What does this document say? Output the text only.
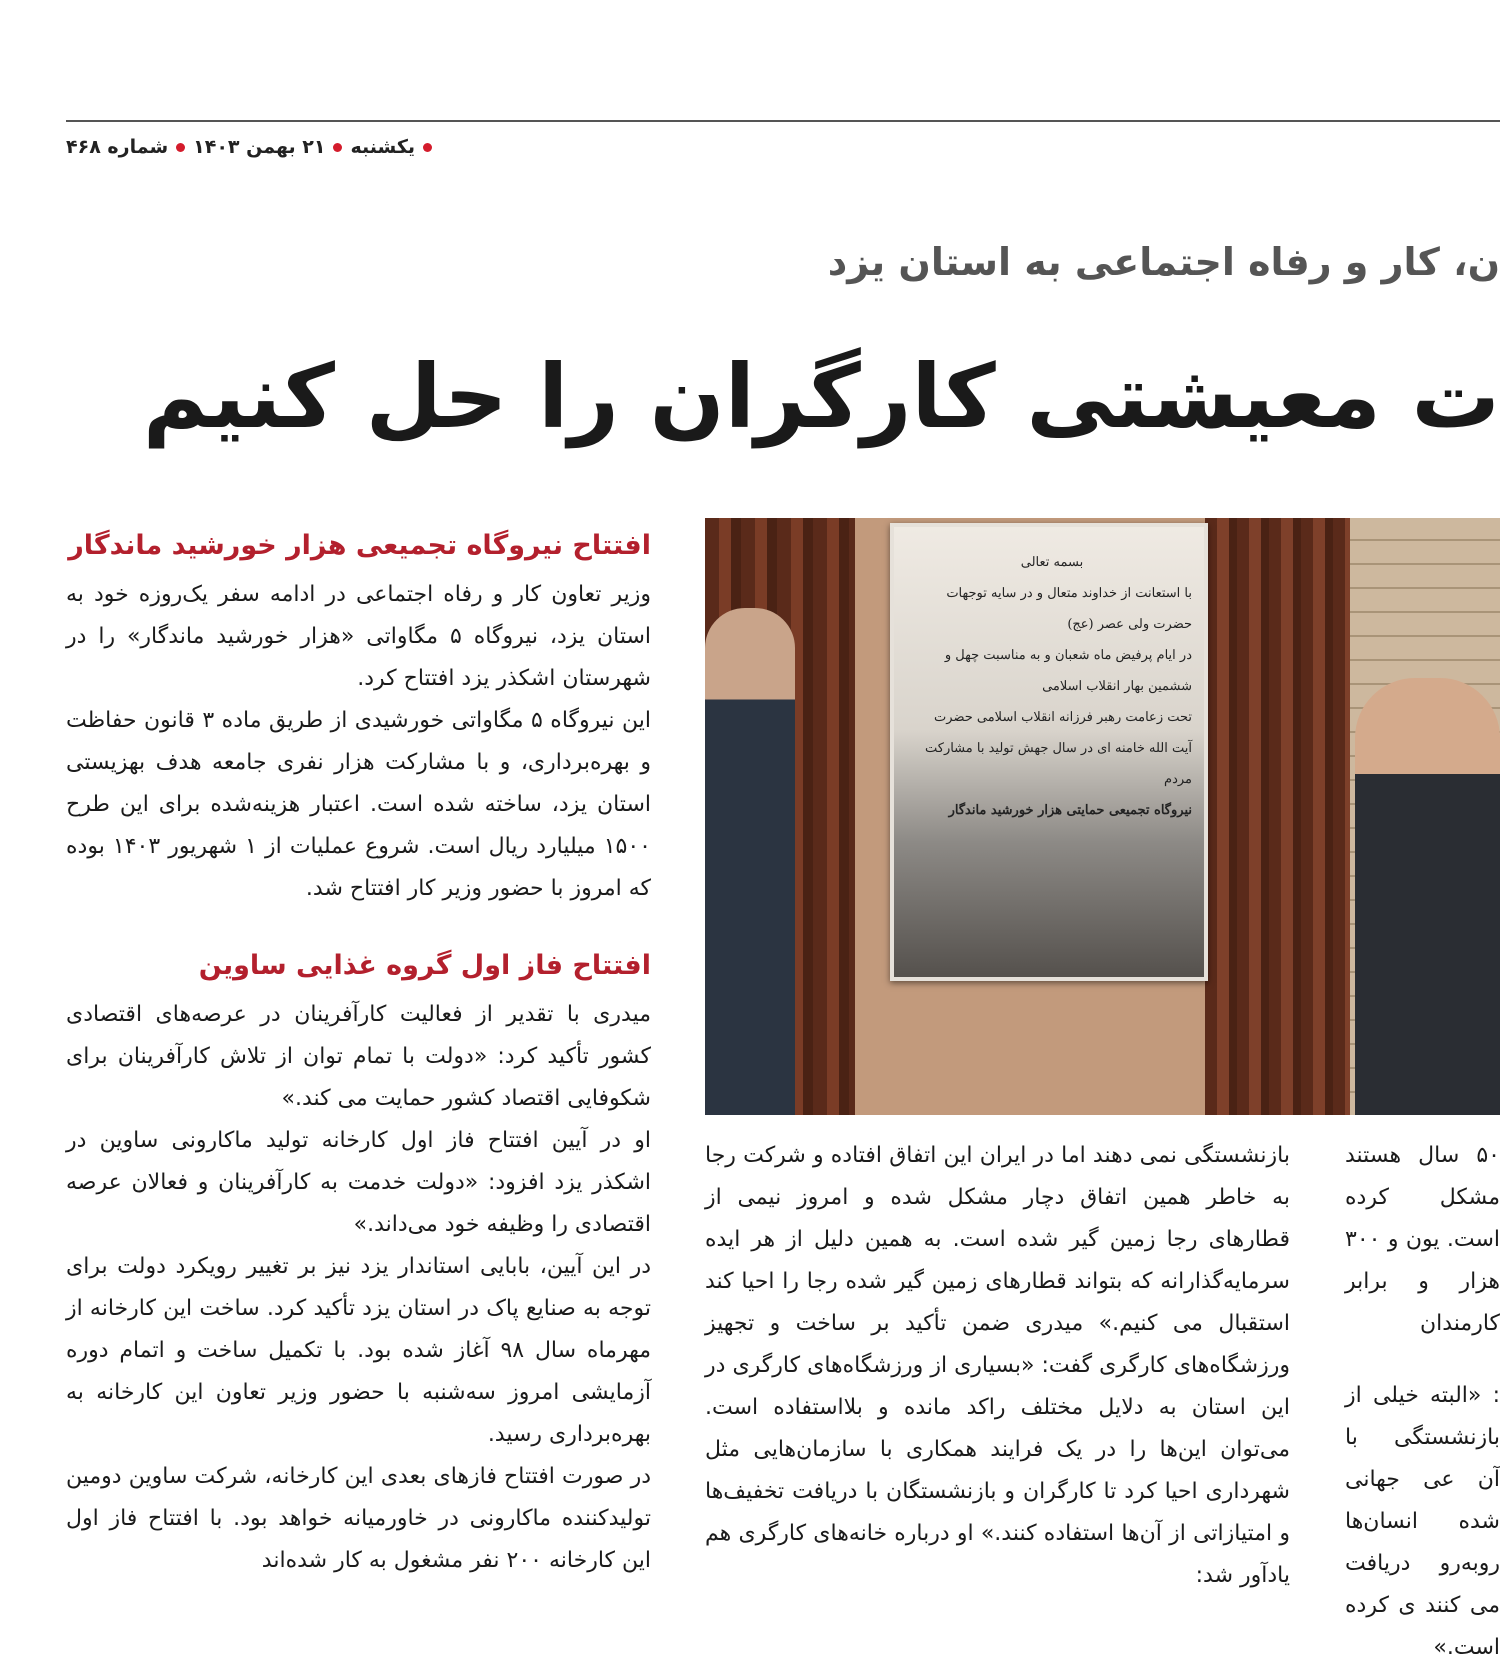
یکشنبه
۲۱ بهمن ۱۴۰۳
شماره ۴۶۸
ن، کار و رفاه اجتماعی به استان یزد
ت معیشتی کارگران را حل کنیم
افتتاح نیروگاه تجمیعی هزار خورشید ماندگار

وزیر تعاون کار و رفاه اجتماعی در ادامه سفر یک‌روزه خود به استان یزد، نیروگاه ۵ مگاواتی «هزار خورشید ماندگار» را در شهرستان اشکذر یزد افتتاح کرد.

این نیروگاه ۵ مگاواتی خورشیدی از طریق ماده ۳ قانون حفاظت و بهره‌برداری، و با مشارکت هزار نفری جامعه هدف بهزیستی استان یزد، ساخته شده است. اعتبار هزینه‌شده برای این طرح ۱۵۰۰ میلیارد ریال است. شروع عملیات از ۱ شهریور ۱۴۰۳ بوده که امروز با حضور وزیر کار افتتاح شد.

افتتاح فاز اول گروه غذایی ساوین

میدری با تقدیر از فعالیت کارآفرینان در عرصه‌های اقتصادی کشور تأکید کرد: «دولت با تمام توان از تلاش کارآفرینان برای شکوفایی اقتصاد کشور حمایت می کند.»

او در آیین افتتاح فاز اول کارخانه تولید ماکارونی ساوین در اشکذر یزد افزود: «دولت خدمت به کارآفرینان و فعالان عرصه اقتصادی را وظیفه خود می‌داند.»

در این آیین، بابایی استاندار یزد نیز بر تغییر رویکرد دولت برای توجه به صنایع پاک در استان یزد تأکید کرد. ساخت این کارخانه از مهرماه سال ۹۸ آغاز شده بود. با تکمیل ساخت و اتمام دوره آزمایشی امروز سه‌شنبه با حضور وزیر تعاون این کارخانه به بهره‌برداری رسید.

در صورت افتتاح فازهای بعدی این کارخانه، شرکت ساوین دومین تولیدکننده ماکارونی در خاورمیانه خواهد بود. با افتتاح فاز اول این کارخانه ۲۰۰ نفر مشغول به کار شده‌اند

بسمه تعالی
با استعانت از خداوند متعال و در سایه توجهات حضرت ولی عصر (عج)
در ایام پرفیض ماه شعبان و به مناسبت چهل و ششمین بهار انقلاب اسلامی
تحت زعامت رهبر فرزانه انقلاب اسلامی حضرت
آیت الله خامنه ای در سال جهش تولید با مشارکت مردم
نیروگاه تجمیعی حمایتی هزار خورشید ماندگار

بازنشستگی نمی دهند اما در ایران این اتفاق افتاده و شرکت رجا به خاطر همین اتفاق دچار مشکل شده و امروز نیمی از قطارهای رجا زمین گیر شده است. به همین دلیل از هر ایده سرمایه‌گذارانه که بتواند قطارهای زمین گیر شده رجا را احیا کند استقبال می کنیم.» میدری ضمن تأکید بر ساخت و تجهیز ورزشگاه‌های کارگری گفت: «بسیاری از ورزشگاه‌های کارگری در این استان به دلایل مختلف راکد مانده و بلااستفاده است. می‌توان این‌ها را در یک فرایند همکاری با سازمان‌هایی مثل شهرداری احیا کرد تا کارگران و بازنشستگان با دریافت تخفیف‌ها و امتیازاتی از آن‌ها استفاده کنند.» او درباره خانه‌های کارگری هم یادآور شد:

۵۰ سال هستند مشکل کرده است. یون و ۳۰۰ هزار و برابر کارمندان

: «البته خیلی از بازنشستگی با آن عی جهانی شده انسان‌ها روبه‌رو دریافت می کنند ی کرده است.»
